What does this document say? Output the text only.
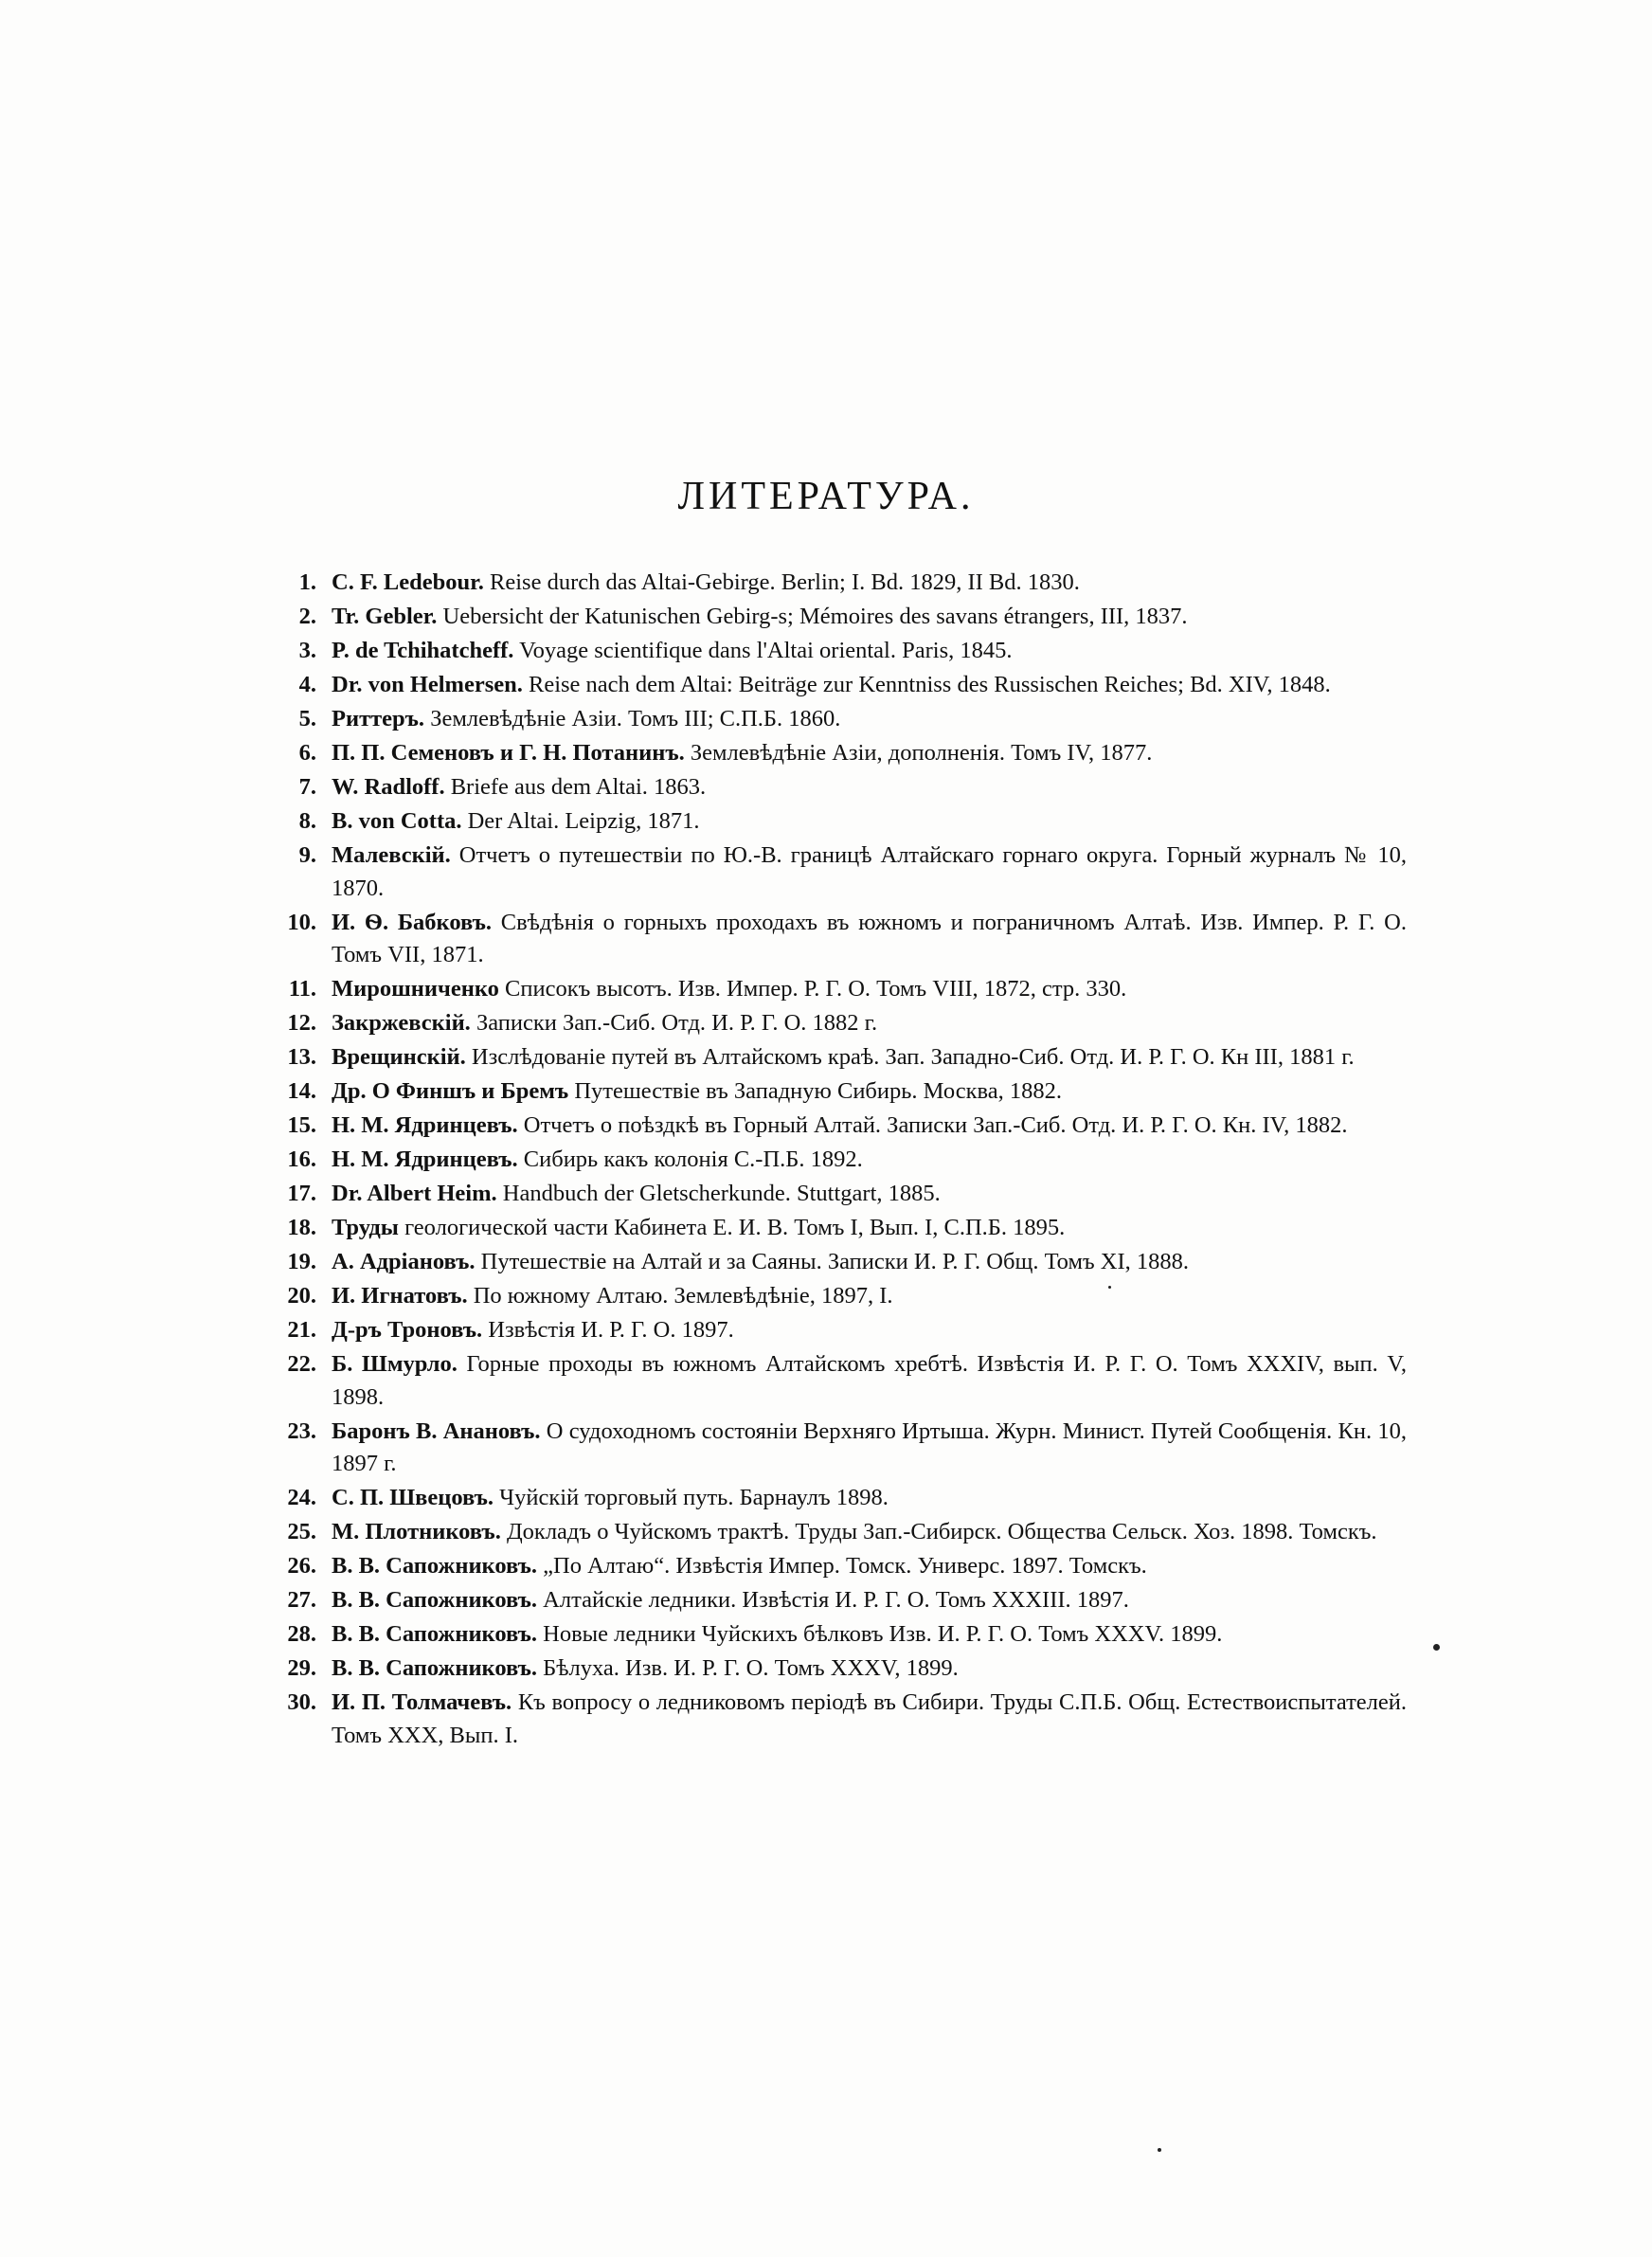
ЛИТЕРАТУРА.
1. C. F. Ledebour. Reise durch das Altai-Gebirge. Berlin; I. Bd. 1829, II Bd. 1830.
2. Tr. Gebler. Uebersicht der Katunischen Gebirg-s; Mémoires des savans étrangers, III, 1837.
3. P. de Tchihatcheff. Voyage scientifique dans l'Altai oriental. Paris, 1845.
4. Dr. von Helmersen. Reise nach dem Altai: Beiträge zur Kenntniss des Russischen Reiches; Bd. XIV, 1848.
5. Риттеръ. Землевѣдѣніе Азіи. Томъ III; С.П.Б. 1860.
6. П. П. Семеновъ и Г. Н. Потанинъ. Землевѣдѣніе Азіи, дополненія. Томъ IV, 1877.
7. W. Radloff. Briefe aus dem Altai. 1863.
8. B. von Cotta. Der Altai. Leipzig, 1871.
9. Малевскій. Отчетъ о путешествіи по Ю.-В. границѣ Алтайскаго горнаго округа. Горный журналъ № 10, 1870.
10. И. Ѳ. Бабковъ. Свѣдѣнія о горныхъ проходахъ въ южномъ и пограничномъ Алтаѣ. Изв. Импер. Р. Г. О. Томъ VII, 1871.
11. Мирошниченко Списокъ высотъ. Изв. Импер. Р. Г. О. Томъ VIII, 1872, стр. 330.
12. Закржевскій. Записки Зап.-Сиб. Отд. И. Р. Г. О. 1882 г.
13. Врещинскій. Изслѣдованіе путей въ Алтайскомъ краѣ. Зап. Западно-Сиб. Отд. И. Р. Г. О. Кн III, 1881 г.
14. Др. О Финшъ и Бремъ Путешествіе въ Западную Сибирь. Москва, 1882.
15. Н. М. Ядринцевъ. Отчетъ о поѣздкѣ въ Горный Алтай. Записки Зап.-Сиб. Отд. И. Р. Г. О. Кн. IV, 1882.
16. Н. М. Ядринцевъ. Сибирь какъ колонія С.-П.Б. 1892.
17. Dr. Albert Heim. Handbuch der Gletscherkunde. Stuttgart, 1885.
18. Труды геологической части Кабинета Е. И. В. Томъ I, Вып. I, С.П.Б. 1895.
19. А. Адріановъ. Путешествіе на Алтай и за Саяны. Записки И. Р. Г. Общ. Томъ XI, 1888.
20. И. Игнатовъ. По южному Алтаю. Землевѣдѣніе, 1897, I.
21. Д-ръ Троновъ. Извѣстія И. Р. Г. О. 1897.
22. Б. Шмурло. Горные проходы въ южномъ Алтайскомъ хребтѣ. Извѣстія И. Р. Г. О. Томъ XXXIV, вып. V, 1898.
23. Баронъ В. Анановъ. О судоходномъ состояніи Верхняго Иртыша. Журн. Минист. Путей Сообщенія. Кн. 10, 1897 г.
24. С. П. Швецовъ. Чуйскій торговый путь. Барнаулъ 1898.
25. М. Плотниковъ. Докладъ о Чуйскомъ трактѣ. Труды Зап.-Сибирск. Общества Сельск. Хоз. 1898. Томскъ.
26. В. В. Сапожниковъ. „По Алтаю“. Извѣстія Импер. Томск. Универс. 1897. Томскъ.
27. В. В. Сапожниковъ. Алтайскіе ледники. Извѣстія И. Р. Г. О. Томъ XXXIII. 1897.
28. В. В. Сапожниковъ. Новые ледники Чуйскихъ бѣлковъ Изв. И. Р. Г. О. Томъ XXXV. 1899.
29. В. В. Сапожниковъ. Бѣлуха. Изв. И. Р. Г. О. Томъ XXXV, 1899.
30. И. П. Толмачевъ. Къ вопросу о ледниковомъ періодѣ въ Сибири. Труды С.П.Б. Общ. Естествоиспытателей. Томъ XXX, Вып. I.
